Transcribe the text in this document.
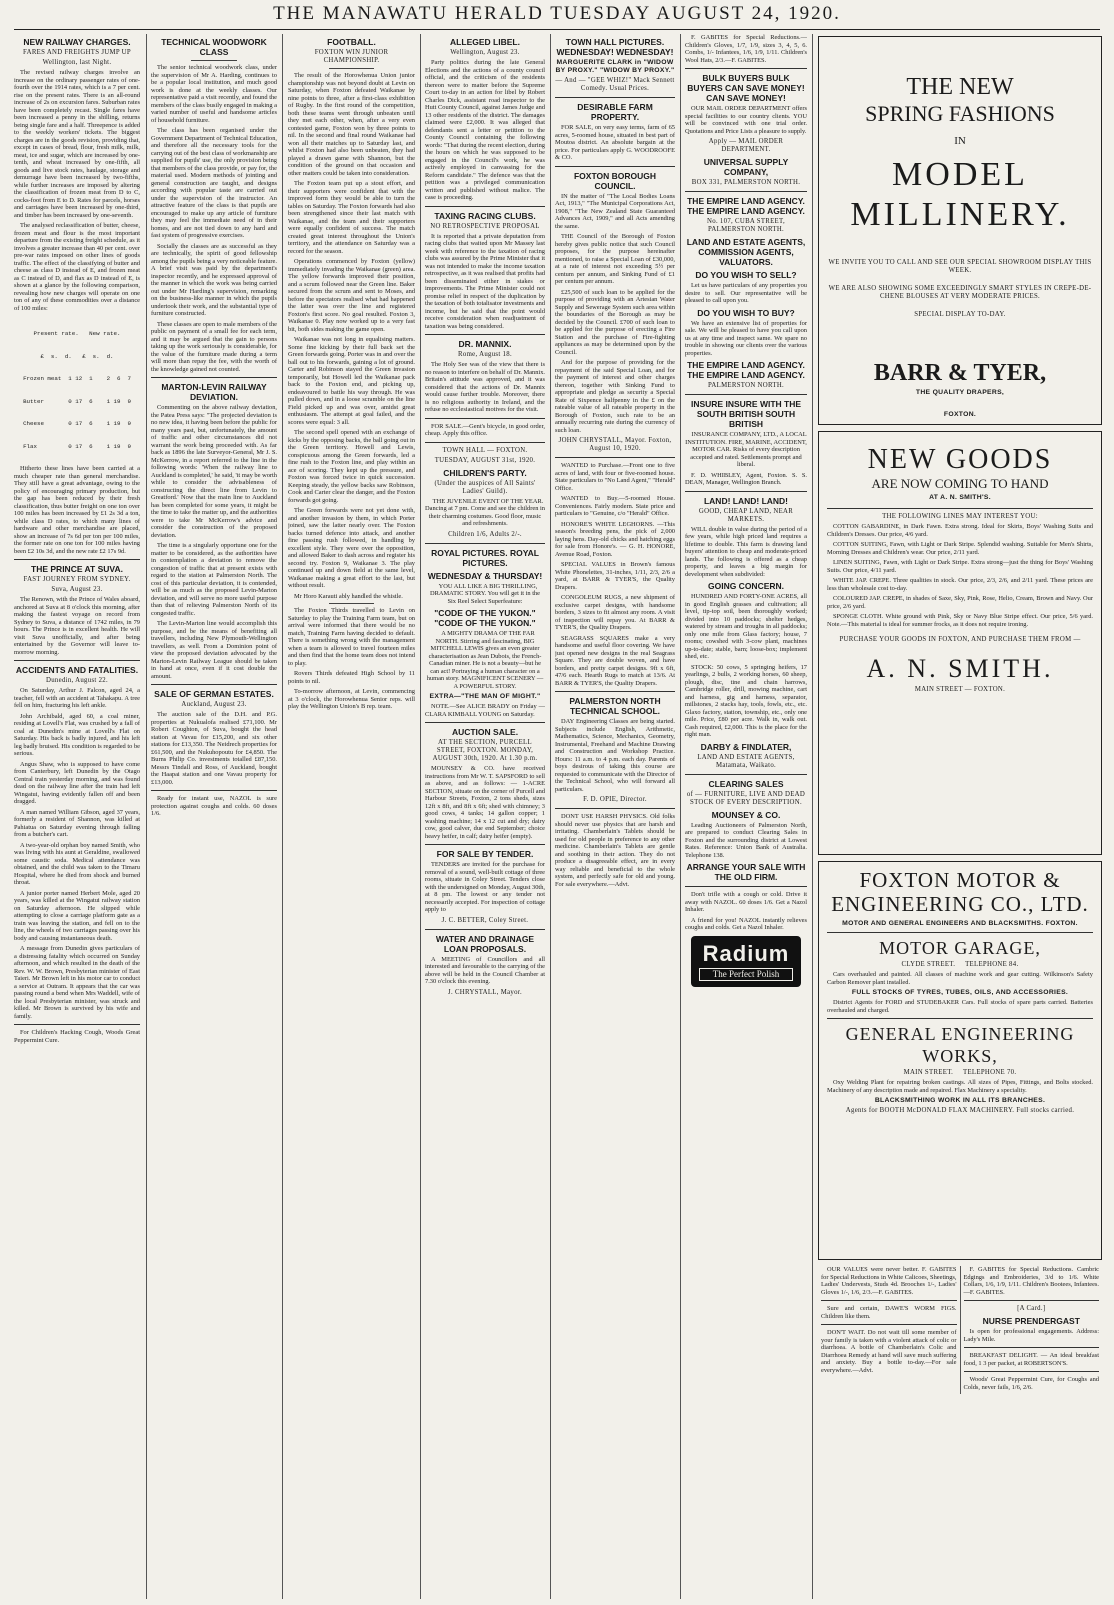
THE MANAWATU HERALD TUESDAY AUGUST 24, 1920.
NEW RAILWAY CHARGES.
FARES AND FREIGHTS JUMP UP
Wellington, last Night.

The revised railway charges involve an increase on the ordinary passenger rates of one-fourth over the 1914 rates, which is a 7 per cent. rise on the present rates. There is an all-round increase of 2s on excursion fares. Suburban rates have been completely recast. Single fares have been increased a penny in the shilling, returns being single fare and a half. Threepence is added to the weekly workers' tickets. The biggest charges are in the goods revision, providing that, except in cases of bread, flour, fresh milk, milk, meat, ice and sugar, which are increased by one-tenth, and wheat increased by one-fifth, all goods and live stock rates, haulage, storage and demurrage have been increased by two-fifths, while further increases are imposed by altering the classification of frozen meat from D to C, cocks-foot from E to D. Rates for parcels, horses and carriages have been increased by one-third, and timber has been increased by one-seventh.

The analysed reclassification of butter, cheese, frozen meat and flour is the most important departure from the existing freight schedule, as it involves a greater increase than 40 per cent. over pre-war rates imposed on other lines of goods traffic. The effect of the classifying of butter and cheese as class D instead of E, and frozen meat as C instead of D, and flax as D instead of E, is shown at a glance by the following comparison, revealing how new charges will operate on one ton of any of these commodities over a distance of 100 miles:

Present rate.   New rate.

£  s.  d.   £  s.  d.

Frozen meat  1 12  1    2  6  7

Butter       0 17  6    1 19  9

Cheese       0 17  6    1 19  9

Flax         0 17  6    1 19  9

Hitherto these lines have been carried at a much cheaper rate than general merchandise. They still have a great advantage, owing to the policy of encouraging primary production, but the gap has been reduced by their fresh classification, thus butter freight on one ton over 100 miles has been increased by £1 2s 3d a ton, while class D rates, to which many lines of hardware and other merchandise are placed, show an increase of 7s 6d per ton per 100 miles, the former rate on one ton for 100 miles having been £2 10s 3d, and the new rate £2 17s 9d.

THE PRINCE AT SUVA.
FAST JOURNEY FROM SYDNEY.
Suva, August 23.

The Renown, with the Prince of Wales aboard, anchored at Suva at 8 o'clock this morning, after making the fastest voyage on record from Sydney to Suva, a distance of 1742 miles, in 79 hours. The Prince is in excellent health. He will visit Suva unofficially, and after being entertained by the Governor will leave to-morrow morning.

ACCIDENTS AND FATALITIES.
Dunedin, August 22.

On Saturday, Arthur J. Falcon, aged 24, a teacher, fell with an accident at Tahakapu. A tree fell on him, fracturing his left ankle.

John Archibald, aged 60, a coal miner, residing at Lovell's Flat, was crushed by a fall of coal at Dunedin's mine at Lovell's Flat on Saturday. His back is badly injured, and his left leg badly bruised. His condition is regarded to be serious.

Angus Shaw, who is supposed to have come from Canterbury, left Dunedin by the Otago Central train yesterday morning, and was found dead on the railway line after the train had left Wingatui, having evidently fallen off and been dragged.

A man named William Gibson, aged 37 years, formerly a resident of Shannon, was killed at Pahiatua on Saturday evening through falling from a butcher's cart.

A two-year-old orphan boy named Smith, who was living with his aunt at Geraldine, swallowed some caustic soda. Medical attendance was obtained, and the child was taken to the Timaru Hospital, where he died from shock and burned throat.

A junior porter named Herbert Mole, aged 20 years, was killed at the Wingatui railway station on Saturday afternoon. He slipped while attempting to close a carriage platform gate as a train was leaving the station, and fell on to the line, the wheels of two carriages passing over his body and causing instantaneous death.

A message from Dunedin gives particulars of a distressing fatality which occurred on Sunday afternoon, and which resulted in the death of the Rev. W. W. Brown, Presbyterian minister of East Taieri. Mr Brown left in his motor car to conduct a service at Outram. It appears that the car was passing round a bend when Mrs Waddell, wife of the local Presbyterian minister, was struck and killed. Mr Brown is survived by his wife and family.

For Children's Hacking Cough, Woods Great Peppermint Cure.

TECHNICAL WOODWORK CLASS

The senior technical woodwork class, under the supervision of Mr A. Harding, continues to be a popular local institution, and much good work is done at the weekly classes. Our representative paid a visit recently, and found the members of the class busily engaged in making a varied number of useful and handsome articles of household furniture.

The class has been organised under the Government Department of Technical Education, and therefore all the necessary tools for the carrying out of the best class of workmanship are supplied for pupils' use, the only provision being that members of the class provide, or pay for, the material used. Modern methods of jointing and general construction are taught, and designs according with popular taste are carried out under the supervision of the instructor. An attractive feature of the class is that pupils are encouraged to make up any article of furniture they may feel the immediate need of in their homes, and are not tied down to any hard and fast system of progressive exercises.

Socially the classes are as successful as they are technically, the spirit of good fellowship among the pupils being a very noticeable feature. A brief visit was paid by the department's inspector recently, and he expressed approval of the manner in which the work was being carried out under Mr Harding's supervision, remarking on the business-like manner in which the pupils undertook their work, and the substantial type of furniture constructed.

These classes are open to male members of the public on payment of a small fee for each term, and it may be argued that the gain to persons taking up the work seriously is considerable, for the value of the furniture made during a term will more than repay the fee, with the worth of the knowledge gained not counted.

MARTON-LEVIN RAILWAY DEVIATION.

Commenting on the above railway deviation, the Patea Press says: "The projected deviation is no new idea, it having been before the public for many years past, but, unfortunately, the amount of traffic and other circumstances did not warrant the work being proceeded with. As far back as 1896 the late Surveyor-General, Mr J. S. McKerrow, in a report referred to the line in the following words: 'When the railway line to Auckland is completed,' he said, 'it may be worth while to consider the advisableness of constructing the direct line from Levin to Greatford.' Now that the main line to Auckland has been completed for some years, it might be the time to take the matter up, and the authorities were to take Mr McKerrow's advice and consider the construction of the proposed deviation.

The time is a singularly opportune one for the matter to be considered, as the authorities have in contemplation a deviation to remove the congestion of traffic that at present exists with regard to the station at Palmerston North. The cost of this particular deviation, it is contended, will be as much as the proposed Levin-Marton deviation, and will serve no more useful purpose than that of relieving Palmerston North of its congested traffic.

The Levin-Marton line would accomplish this purpose, and be the means of benefiting all travellers, including New Plymouth-Wellington travellers, as well. From a Dominion point of view the proposed deviation advocated by the Marton-Levin Railway League should be taken in hand at once, even if it cost double the amount.

SALE OF GERMAN ESTATES.
Auckland, August 23.

The auction sale of the D.H. and P.G. properties at Nukualofa realised £71,100. Mr Robert Coughton, of Suva, bought the head station at Vavau for £15,200, and six other stations for £13,350. The Neidrech properties for £61,500, and the Nukuhopoutu for £4,850. The Burns Philip Co. investments totalled £87,150. Messrs Tindall and Ross, of Auckland, bought the Haapai station and one Vavau property for £13,000.

Ready for instant use, NAZOL is sure protection against coughs and colds. 60 doses 1/6.

FOOTBALL.
FOXTON WIN JUNIOR CHAMPIONSHIP.

The result of the Horowhenua Union junior championship was not beyond doubt at Levin on Saturday, when Foxton defeated Waikanae by nine points to three, after a first-class exhibition of Rugby. In the first round of the competition, both these teams went through unbeaten until they met each other, when, after a very even contested game, Foxton won by three points to nil. In the second and final round Waikanae had won all their matches up to Saturday last, and whilst Foxton had also been unbeaten, they had played a drawn game with Shannon, but the condition of the ground on that occasion and other matters could be taken into consideration.

The Foxton team put up a stout effort, and their supporters were confident that with the improved form they would be able to turn the tables on Saturday. The Foxton forwards had also been strengthened since their last match with Waikanae, and the team and their supporters were equally confident of success. The match created great interest throughout the Union's territory, and the attendance on Saturday was a record for the season.

Operations commenced by Foxton (yellow) immediately invading the Waikanae (green) area. The yellow forwards improved their position, and a scrum followed near the Green line. Baker secured from the scrum and sent to Moses, and before the spectators realised what had happened the latter was over the line and registered Foxton's first score. No goal resulted. Foxton 3, Waikanae 0. Play now worked up to a very fast bit, both sides making the game open.

Waikanae was not long in equalising matters. Some fine kicking by their full back set the Green forwards going. Porter was in and over the ball out to his forwards, gaining a lot of ground. Carter and Robinson stayed the Green invasion temporarily, but Howell led the Waikanae pack back to the Foxton end, and picking up, endeavoured to battle his way through. He was pulled down, and in a loose scramble on the line Field picked up and was over, amidst great enthusiasm. The attempt at goal failed, and the scores were equal: 3 all.

The second spell opened with an exchange of kicks by the opposing backs, the ball going out in the Green territory. Howell and Lewis, conspicuous among the Green forwards, led a fine rush to the Foxton line, and play within an ace of scoring. They kept up the pressure, and Foxton was forced twice in quick succession. Keeping steady, the yellow backs saw Robinson, Cook and Carter clear the danger, and the Foxton forwards got going.

The Green forwards were not yet done with, and another invasion by them, in which Porter joined, saw the latter nearly over. The Foxton backs turned defence into attack, and another fine passing rush followed, in handling by excellent style. They were over the opposition, and allowed Baker to dash across and register his second try. Foxton 9, Waikanae 3. The play continued up and down field at the same level, Waikanae making a great effort to the last, but without result.

Mr Horo Karauti ably handled the whistle.

The Foxton Thirds travelled to Levin on Saturday to play the Training Farm team, but on arrival were informed that there would be no match, Training Farm having decided to default. There is something wrong with the management when a team is allowed to travel fourteen miles and then find that the home team does not intend to play.

Rovers Thirds defeated High School by 11 points to nil.

To-morrow afternoon, at Levin, commencing at 3 o'clock, the Horowhenua Senior reps. will play the Wellington Union's B rep. team.

ALLEGED LIBEL.
Wellington, August 23.

Party politics during the late General Elections and the actions of a county council official, and the criticism of the residents thereon were to matter before the Supreme Court to-day in an action for libel by Robert Charles Dick, assistant road inspector to the Hutt County Council, against James Judge and 13 other residents of the district. The damages claimed were £2,000. It was alleged that defendants sent a letter or petition to the County Council containing the following words: "That during the recent election, during the hours on which he was supposed to be engaged in the Council's work, he was actively employed in canvassing for the Reform candidate." The defence was that the petition was a privileged communication written and published without malice. The case is proceeding.

TAXING RACING CLUBS.
NO RETROSPECTIVE PROPOSAL

It is reported that a private deputation from racing clubs that waited upon Mr Massey last week with reference to the taxation of racing clubs was assured by the Prime Minister that it was not intended to make the income taxation retrospective, as it was realised that profits had been disseminated either in stakes or improvements. The Prime Minister could not promise relief in respect of the duplication by the taxation of both totalisator investments and income, but he said that the point would receive consideration when readjustment of taxation was being considered.

DR. MANNIX.
Rome, August 18.

The Holy See was of the view that there is no reason to interfere on behalf of Dr. Mannix. Britain's attitude was approved, and it was considered that the actions of Dr. Mannix would cause further trouble. Moreover, there is no religious authority in Ireland, and the refuse no ecclesiastical motives for the visit.

FOR SALE.—Gent's bicycle, in good order, cheap. Apply this office.

TOWN HALL — FOXTON.
TUESDAY, AUGUST 31st, 1920.
CHILDREN'S PARTY.
(Under the auspices of All Saints' Ladies' Guild).

THE JUVENILE EVENT OF THE YEAR. Dancing at 7 pm. Come and see the children in their charming costumes. Good floor, music and refreshments.

Children 1/6, Adults 2/-.
ROYAL PICTURES. ROYAL PICTURES.
WEDNESDAY & THURSDAY!

YOU ALL LIKE A BIG THRILLING, DRAMATIC STORY. You will get it in the Six Reel Select Superfeature:

"CODE OF THE YUKON." "CODE OF THE YUKON."

A MIGHTY DRAMA OF THE FAR NORTH. Stirring and fascinating, BIG MITCHELL LEWIS gives an even greater characterisation as Jean Dubois, the French-Canadian miner. He is not a beauty—but he can act! Portraying a human character on a human story. MAGNIFICENT SCENERY — A POWERFUL STORY.

EXTRA—"THE MAN OF MIGHT."

NOTE.—See ALICE BRADY on Friday — CLARA KIMBALL YOUNG on Saturday.

AUCTION SALE.
AT THE SECTION, PURCELL STREET, FOXTON. MONDAY, AUGUST 30th, 1920. At 1.30 p.m.

MOUNSEY & CO. have received instructions from Mr W. T. SAPSFORD to sell as above, and as follows: — 1-ACRE SECTION, situate on the corner of Purcell and Harbour Streets, Foxton, 2 tons sheds, sizes 12ft x 8ft, and 8ft x 6ft; shed with chimney; 3 good cows, 4 tanks; 14 gallon copper; 1 washing machine; 14 x 12 cut and dry; dairy cow, good calver, due end September; choice heavy heifer, in calf; dairy heifer (empty).

FOR SALE BY TENDER.

TENDERS are invited for the purchase for removal of a sound, well-built cottage of three rooms, situate in Coley Street. Tenders close with the undersigned on Monday, August 30th, at 8 pm. The lowest or any tender not necessarily accepted. For inspection of cottage apply to

J. C. BETTER, Coley Street.
WATER AND DRAINAGE LOAN PROPOSALS.

A MEETING of Councillors and all interested and favourable to the carrying of the above will be held in the Council Chamber at 7.30 o'clock this evening.

J. CHRYSTALL, Mayor.
TOWN HALL PICTURES. WEDNESDAY! WEDNESDAY!
MARGUERITE CLARK in "WIDOW BY PROXY." "WIDOW BY PROXY."
— And — "GEE WHIZ!" Mack Sennett Comedy. Usual Prices.
DESIRABLE FARM PROPERTY.

FOR SALE, on very easy terms, farm of 65 acres, 5-roomed house, situated in best part of Moutoa district. An absolute bargain at the price. For particulars apply G. WOODROOFE & CO.

FOXTON BOROUGH COUNCIL.

IN the matter of "The Local Bodies Loans Act, 1913," "The Municipal Corporations Act, 1908," "The New Zealand State Guaranteed Advances Act, 1909," and all Acts amending the same.

THE Council of the Borough of Foxton hereby gives public notice that such Council proposes, for the purpose hereinafter mentioned, to raise a Special Loan of £30,000, at a rate of interest not exceeding 5½ per centum per annum, and Sinking Fund of £1 per centum per annum.

£25,500 of such loan to be applied for the purpose of providing with an Artesian Water Supply and Sewerage System such area within the boundaries of the Borough as may be decided by the Council. £700 of such loan to be applied for the purpose of erecting a Fire Station and the purchase of Fire-fighting appliances as may be determined upon by the Council.

And for the purpose of providing for the repayment of the said Special Loan, and for the payment of interest and other charges thereon, together with Sinking Fund to appropriate and pledge as security a Special Rate of Sixpence halfpenny in the £ on the rateable value of all rateable property in the Borough of Foxton, such rate to be an annually recurring rate during the currency of such loan.

JOHN CHRYSTALL, Mayor. Foxton, August 10, 1920.

WANTED to Purchase.—Front one to five acres of land, with four or five-roomed house. State particulars to "No Land Agent," "Herald" Office.

WANTED to Buy.—5-roomed House. Conveniences. Fairly modern. State price and particulars to "Genuine, c/o "Herald" Office.

HONORE'S WHITE LEGHORNS. —This season's breeding pens, the pick of 2,000 laying hens. Day-old chicks and hatching eggs for sale from Honore's. — G. H. HONORE, Avenue Road, Foxton.

SPECIAL VALUES in Brown's famous White Phonelettes, 31-inches, 1/11, 2/3, 2/6 a yard, at BARR & TYER'S, the Quality Drapers.

CONGOLEUM RUGS, a new shipment of exclusive carpet designs, with handsome borders, 3 sizes to fit almost any room. A visit of inspection will repay you. At BARR & TYER'S, the Quality Drapers.

SEAGRASS SQUARES make a very handsome and useful floor covering. We have just opened new designs in the real Seagrass Square. They are double woven, and have borders, and pretty carpet designs. 9ft x 6ft, 47/6 each. Hearth Rugs to match at 13/6. At BARR & TYER'S, the Quality Drapers.

PALMERSTON NORTH TECHNICAL SCHOOL.

DAY Engineering Classes are being started. Subjects include English, Arithmetic, Mathematics, Science, Mechanics, Geometry, Instrumental, Freehand and Machine Drawing and Construction and Workshop Practice. Hours: 11 a.m. to 4 p.m. each day. Parents of boys desirous of taking this course are requested to communicate with the Director of the Technical School, who will forward all particulars.

F. D. OPIE, Director.

DONT USE HARSH PHYSICS. Old folks should never use physics that are harsh and irritating. Chamberlain's Tablets should be used for old people in preference to any other medicine. Chamberlain's Tablets are gentle and soothing in their action. They do not produce a disagreeable effect, are in every way reliable and beneficial to the whole system, and perfectly safe for old and young. For sale everywhere.—Advt.

F. GABITES for Special Reductions.—Children's Gloves, 1/7, 1/9, sizes 3, 4, 5, 6. Combs, 1/- Infantees, 1/6, 1/9, 1/11. Children's Wool Hats, 2/3.—F. GABITES.

BULK BUYERS BULK BUYERS CAN SAVE MONEY! CAN SAVE MONEY!

OUR MAIL ORDER DEPARTMENT offers special facilities to our country clients. YOU will be convinced with one trial order. Quotations and Price Lists a pleasure to supply.

Apply — MAIL ORDER DEPARTMENT.
UNIVERSAL SUPPLY COMPANY,
BOX 331, PALMERSTON NORTH.
THE EMPIRE LAND AGENCY. THE EMPIRE LAND AGENCY.
No. 107, CUBA STREET, PALMERSTON NORTH.
LAND AND ESTATE AGENTS, COMMISSION AGENTS, VALUATORS.
DO YOU WISH TO SELL?

Let us have particulars of any properties you desire to sell. Our representative will be pleased to call upon you.

DO YOU WISH TO BUY?

We have an extensive list of properties for sale. We will be pleased to have you call upon us at any time and inspect same. We spare no trouble in showing our clients over the various properties.

THE EMPIRE LAND AGENCY. THE EMPIRE LAND AGENCY.
PALMERSTON NORTH.
INSURE INSURE WITH THE SOUTH BRITISH SOUTH BRITISH

INSURANCE COMPANY, LTD., A LOCAL INSTITUTION. FIRE, MARINE, ACCIDENT, MOTOR CAR. Risks of every description accepted and rated. Settlements prompt and liberal.

F. D. WHIBLEY, Agent, Foxton. S. S. DEAN, Manager, Wellington Branch.

LAND! LAND! LAND!
GOOD, CHEAP LAND, NEAR MARKETS.

WILL double in value during the period of a few years, while high priced land requires a lifetime to double. This farm is drawing land buyers' attention to cheap and moderate-priced lands. The following is offered as a cheap property, and leaves a big margin for development when subdivided:

GOING CONCERN.

HUNDRED AND FORTY-ONE ACRES, all in good English grasses and cultivation; all level, tip-top soil, been thoroughly worked; divided into 10 paddocks; shelter hedges, watered by stream and troughs in all paddocks; only one mile from Glass factory; house, 7 rooms; cowshed with 3-cow plant, machines up-to-date; stable, barn; loose-box; implement shed, etc.

STOCK: 50 cows, 5 springing heifers, 17 yearlings, 2 bulls, 2 working horses, 60 sheep, plough, disc, tine and chain harrows, Cambridge roller, drill, mowing machine, cart and harness, gig and harness, separator, millstones, 2 stacks hay, tools, fowls, etc., etc. Glaxo factory, station, township, etc., only one mile. Price, £80 per acre. Walk in, walk out. Cash required, £2,000. This is the place for the right man.

DARBY & FINDLATER,
LAND AND ESTATE AGENTS, Matamata, Waikato.
CLEARING SALES
of — FURNITURE, LIVE AND DEAD STOCK OF EVERY DESCRIPTION.
MOUNSEY & CO.

Leading Auctioneers of Palmerston North, are prepared to conduct Clearing Sales in Foxton and the surrounding district at Lowest Rates. Reference: Union Bank of Australia. Telephone 138.

ARRANGE YOUR SALE WITH THE OLD FIRM.

Don't trifle with a cough or cold. Drive it away with NAZOL. 60 doses 1/6. Get a Nazol Inhaler.

A friend for you! NAZOL instantly relieves coughs and colds. Get a Nazol Inhaler.

Radium
The Perfect Polish
THE NEW
SPRING FASHIONS
IN
MODEL
MILLINERY.
WE INVITE YOU TO CALL AND SEE OUR SPECIAL SHOWROOM DISPLAY THIS WEEK.
WE ARE ALSO SHOWING SOME EXCEEDINGLY SMART STYLES IN CREPE-DE-CHENE BLOUSES AT VERY MODERATE PRICES.
SPECIAL DISPLAY TO-DAY.
BARR & TYER,
THE QUALITY DRAPERS,
FOXTON.
NEW GOODS
ARE NOW COMING TO HAND
AT A. N. SMITH'S.
THE FOLLOWING LINES MAY INTEREST YOU:

COTTON GABARDINE, in Dark Fawn. Extra strong. Ideal for Skirts, Boys' Washing Suits and Children's Dresses. Our price, 4/6 yard.

COTTON SUITING, Fawn, with Light or Dark Stripe. Splendid washing. Suitable for Men's Shirts, Morning Dresses and Children's wear. Our price, 2/11 yard.

LINEN SUITING, Fawn, with Light or Dark Stripe. Extra strong—just the thing for Boys' Washing Suits. Our price, 4/11 yard.

WHITE JAP. CREPE. Three qualities in stock. Our price, 2/3, 2/6, and 2/11 yard. These prices are less than wholesale cost to-day.

COLOURED JAP. CREPE, in shades of Saxe, Sky, Pink, Rose, Helio, Cream, Brown and Navy. Our price, 2/6 yard.

SPONGE CLOTH. White ground with Pink, Sky or Navy Blue Stripe effect. Our price, 5/6 yard. Note.—This material is ideal for summer frocks, as it does not require ironing.

PURCHASE YOUR GOODS IN FOXTON, AND PURCHASE THEM FROM —
A. N. SMITH.
MAIN STREET — FOXTON.
FOXTON MOTOR & ENGINEERING CO., LTD.
MOTOR AND GENERAL ENGINEERS AND BLACKSMITHS. FOXTON.
MOTOR GARAGE,
CLYDE STREET.     TELEPHONE 84.

Cars overhauled and painted. All classes of machine work and gear cutting. Wilkinson's Safety Carbon Remover plant installed.

FULL STOCKS OF TYRES, TUBES, OILS, AND ACCESSORIES.

District Agents for FORD and STUDEBAKER Cars. Full stocks of spare parts carried. Batteries overhauled and charged.

GENERAL ENGINEERING WORKS,
MAIN STREET.     TELEPHONE 70.

Oxy Welding Plant for repairing broken castings. All sizes of Pipes, Fittings, and Bolts stocked. Machinery of any description made and repaired. Flax Machinery a speciality.

BLACKSMITHING WORK IN ALL ITS BRANCHES.
Agents for BOOTH McDONALD FLAX MACHINERY. Full stocks carried.

OUR VALUES were never better. F. GABITES for Special Reductions in White Calicoes, Sheetings, Ladies' Undervests, Studs 4d. Brooches 1/-, Ladies' Gloves 1/-, 1/6, 2/3.—F. GABITES.

Sure and certain, DAWE'S WORM FIGS. Children like them.

DON'T WAIT. Do not wait till some member of your family is taken with a violent attack of colic or diarrhoea. A bottle of Chamberlain's Colic and Diarrhoea Remedy at hand will save much suffering and anxiety. Buy a bottle to-day.—For sale everywhere.—Advt.

F. GABITES for Special Reductions. Cambric Edgings and Embroideries, 3/d to 1/6. White Collars, 1/6, 1/9, 1/11. Children's Bootees, Infantees.—F. GABITES.

[A Card.]
NURSE PRENDERGAST

Is open for professional engagements. Address: Lady's Mile.

BREAKFAST DELIGHT. — An ideal breakfast food, 1 3 per packet, at ROBERTSON'S.

Woods' Great Peppermint Cure, for Coughs and Colds, never fails, 1/6, 2/6.
